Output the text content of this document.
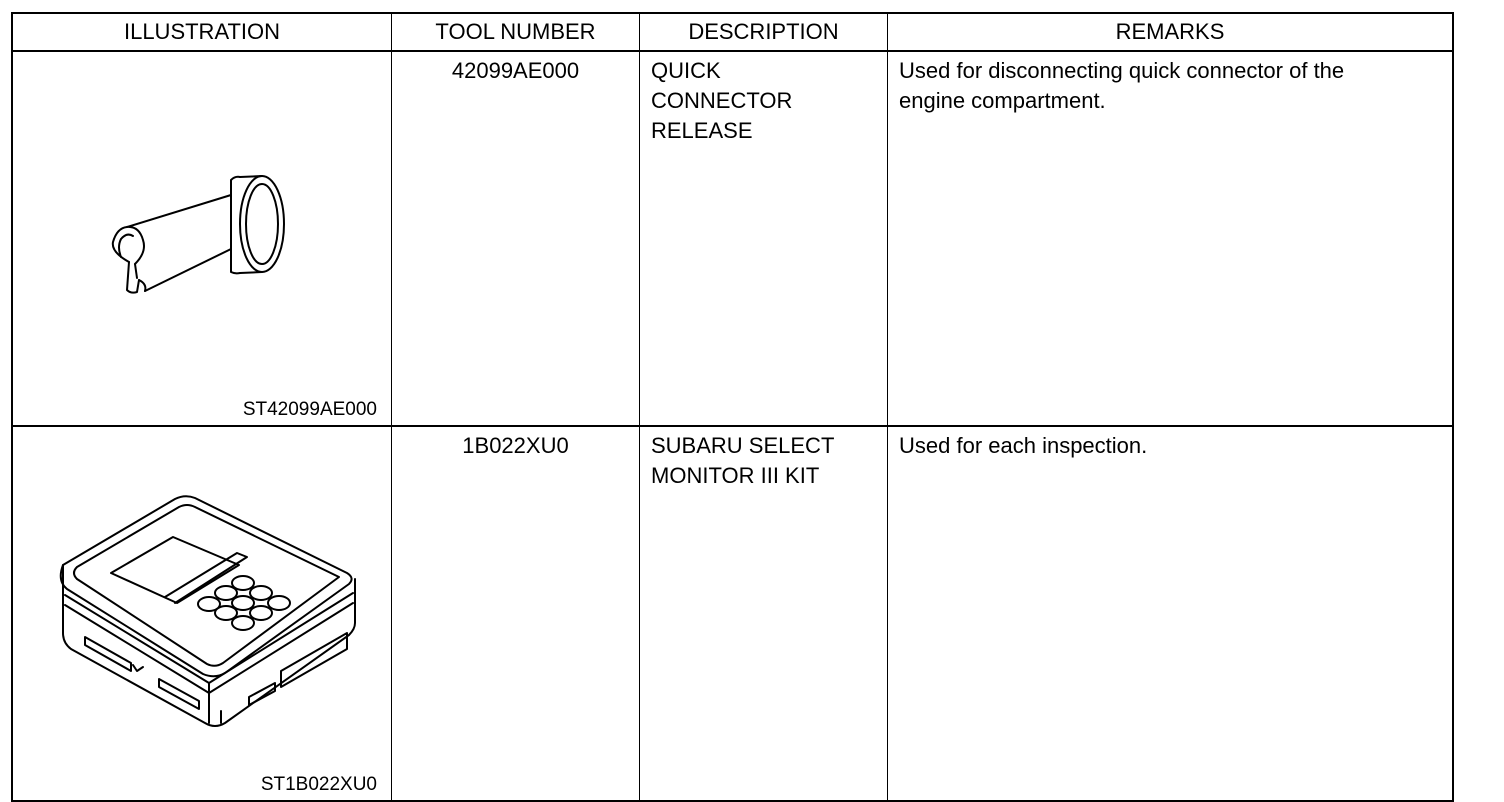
ILLUSTRATION	TOOL NUMBER	DESCRIPTION	REMARKS

ST42099AE000	42099AE000	QUICK
CONNECTOR
RELEASE	Used for disconnecting quick connector of the
engine compartment.

ST1B022XU0	1B022XU0	SUBARU SELECT
MONITOR III KIT	Used for each inspection.
